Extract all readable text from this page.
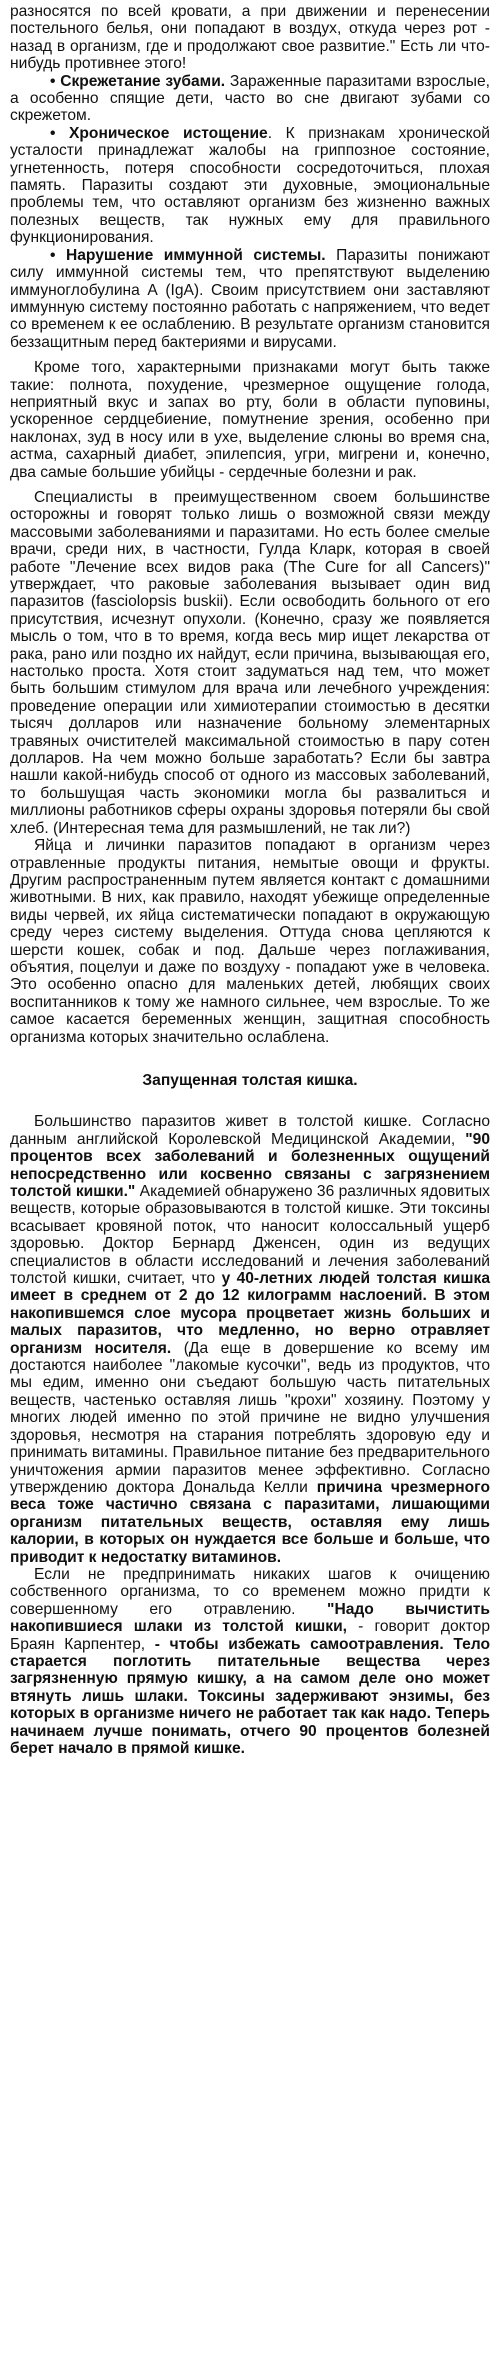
разносятся по всей кровати, а при движении и перенесении постельного белья, они попадают в воздух, откуда через рот - назад в организм, где и продолжают свое развитие." Есть ли что-нибудь противнее этого!

• Скрежетание зубами. Зараженные паразитами взрослые, а особенно спящие дети, часто во сне двигают зубами со скрежетом.

• Хроническое истощение. К признакам хронической усталости принадлежат жалобы на гриппозное состояние, угнетенность, потеря способности сосредоточиться, плохая память. Паразиты создают эти духовные, эмоциональные проблемы тем, что оставляют организм без жизненно важных полезных веществ, так нужных ему для правильного функционирования.

• Нарушение иммунной системы. Паразиты понижают силу иммунной системы тем, что препятствуют выделению иммуноглобулина А (IgA). Своим присутствием они заставляют иммунную систему постоянно работать с напряжением, что ведет со временем к ее ослаблению. В результате организм становится беззащитным перед бактериями и вирусами.

Кроме того, характерными признаками могут быть также такие: полнота, похудение, чрезмерное ощущение голода, неприятный вкус и запах во рту, боли в области пуповины, ускоренное сердцебиение, помутнение зрения, особенно при наклонах, зуд в носу или в ухе, выделение слюны во время сна, астма, сахарный диабет, эпилепсия, угри, мигрени и, конечно, два самые большие убийцы - сердечные болезни и рак.

Специалисты в преимущественном своем большинстве осторожны и говорят только лишь о возможной связи между массовыми заболеваниями и паразитами. Но есть более смелые врачи, среди них, в частности, Гулда Кларк, которая в своей работе "Лечение всех видов рака (The Cure for all Cancers)" утверждает, что раковые заболевания вызывает один вид паразитов (fasciolopsis buskii). Если освободить больного от его присутствия, исчезнут опухоли. (Конечно, сразу же появляется мысль о том, что в то время, когда весь мир ищет лекарства от рака, рано или поздно их найдут, если причина, вызывающая его, настолько проста. Хотя стоит задуматься над тем, что может быть большим стимулом для врача или лечебного учреждения: проведение операции или химиотерапии стоимостью в десятки тысяч долларов или назначение больному элементарных травяных очистителей максимальной стоимостью в пару сотен долларов. На чем можно больше заработать? Если бы завтра нашли какой-нибудь способ от одного из массовых заболеваний, то большущая часть экономики могла бы развалиться и миллионы работников сферы охраны здоровья потеряли бы свой хлеб. (Интересная тема для размышлений, не так ли?)

Яйца и личинки паразитов попадают в организм через отравленные продукты питания, немытые овощи и фрукты. Другим распространенным путем является контакт с домашними животными. В них, как правило, находят убежище определенные виды червей, их яйца систематически попадают в окружающую среду через систему выделения. Оттуда снова цепляются к шерсти кошек, собак и под. Дальше через поглаживания, объятия, поцелуи и даже по воздуху - попадают уже в человека. Это особенно опасно для маленьких детей, любящих своих воспитанников к тому же намного сильнее, чем взрослые. То же самое касается беременных женщин, защитная способность организма которых значительно ослаблена.

Запущенная толстая кишка.

Большинство паразитов живет в толстой кишке. Согласно данным английской Королевской Медицинской Академии, "90 процентов всех заболеваний и болезненных ощущений непосредственно или косвенно связаны с загрязнением толстой кишки." Академией обнаружено 36 различных ядовитых веществ, которые образовываются в толстой кишке. Эти токсины всасывает кровяной поток, что наносит колоссальный ущерб здоровью. Доктор Бернард Дженсен, один из ведущих специалистов в области исследований и лечения заболеваний толстой кишки, считает, что у 40-летних людей толстая кишка имеет в среднем от 2 до 12 килограмм наслоений. В этом накопившемся слое мусора процветает жизнь больших и малых паразитов, что медленно, но верно отравляет организм носителя. (Да еще в довершение ко всему им достаются наиболее "лакомые кусочки", ведь из продуктов, что мы едим, именно они съедают большую часть питательных веществ, частенько оставляя лишь "крохи" хозяину. Поэтому у многих людей именно по этой причине не видно улучшения здоровья, несмотря на старания потреблять здоровую еду и принимать витамины. Правильное питание без предварительного уничтожения армии паразитов менее эффективно. Согласно утверждению доктора Дональда Келли причина чрезмерного веса тоже частично связана с паразитами, лишающими организм питательных веществ, оставляя ему лишь калории, в которых он нуждается все больше и больше, что приводит к недостатку витаминов.

Если не предпринимать никаких шагов к очищению собственного организма, то со временем можно придти к совершенному его отравлению. "Надо вычистить накопившиеся шлаки из толстой кишки, - говорит доктор Браян Карпентер, - чтобы избежать самоотравления. Тело старается поглотить питательные вещества через загрязненную прямую кишку, а на самом деле оно может втянуть лишь шлаки. Токсины задерживают энзимы, без которых в организме ничего не работает так как надо. Теперь начинаем лучше понимать, отчего 90 процентов болезней берет начало в прямой кишке.
